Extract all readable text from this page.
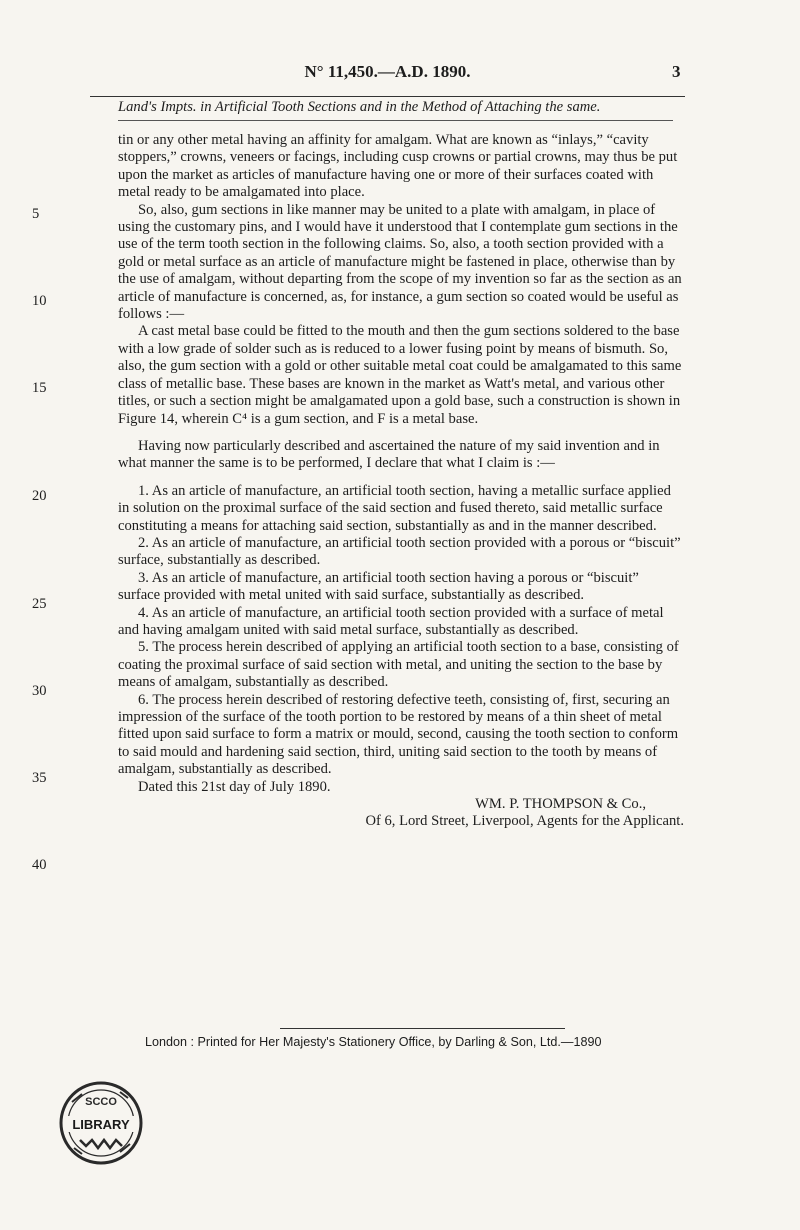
N° 11,450.—A.D. 1890.	3
Land's Impts. in Artificial Tooth Sections and in the Method of Attaching the same.
5
10
15
20
25
30
35
40

tin or any other metal having an affinity for amalgam. What are known as “inlays,” “cavity stoppers,” crowns, veneers or facings, including cusp crowns or partial crowns, may thus be put upon the market as articles of manufacture having one or more of their surfaces coated with metal ready to be amalgamated into place.

So, also, gum sections in like manner may be united to a plate with amalgam, in place of using the customary pins, and I would have it understood that I contemplate gum sections in the use of the term tooth section in the following claims. So, also, a tooth section provided with a gold or metal surface as an article of manufacture might be fastened in place, otherwise than by the use of amalgam, without departing from the scope of my invention so far as the section as an article of manufacture is concerned, as, for instance, a gum section so coated would be useful as follows :—

A cast metal base could be fitted to the mouth and then the gum sections soldered to the base with a low grade of solder such as is reduced to a lower fusing point by means of bismuth. So, also, the gum section with a gold or other suitable metal coat could be amalgamated to this same class of metallic base. These bases are known in the market as Watt's metal, and various other titles, or such a section might be amalgamated upon a gold base, such a construction is shown in Figure 14, wherein C⁴ is a gum section, and F is a metal base.

Having now particularly described and ascertained the nature of my said invention and in what manner the same is to be performed, I declare that what I claim is :—

1. As an article of manufacture, an artificial tooth section, having a metallic surface applied in solution on the proximal surface of the said section and fused thereto, said metallic surface constituting a means for attaching said section, substantially as and in the manner described.

2. As an article of manufacture, an artificial tooth section provided with a porous or “biscuit” surface, substantially as described.

3. As an article of manufacture, an artificial tooth section having a porous or “biscuit” surface provided with metal united with said surface, substantially as described.

4. As an article of manufacture, an artificial tooth section provided with a surface of metal and having amalgam united with said metal surface, substantially as described.

5. The process herein described of applying an artificial tooth section to a base, consisting of coating the proximal surface of said section with metal, and uniting the section to the base by means of amalgam, substantially as described.

6. The process herein described of restoring defective teeth, consisting of, first, securing an impression of the surface of the tooth portion to be restored by means of a thin sheet of metal fitted upon said surface to form a matrix or mould, second, causing the tooth section to conform to said mould and hardening said section, third, uniting said section to the tooth by means of amalgam, substantially as described.

Dated this 21st day of July 1890.

WM. P. THOMPSON & Co.,

Of 6, Lord Street, Liverpool, Agents for the Applicant.

London : Printed for Her Majesty's Stationery Office, by Darling & Son, Ltd.—1890
SCCO
LIBRARY
